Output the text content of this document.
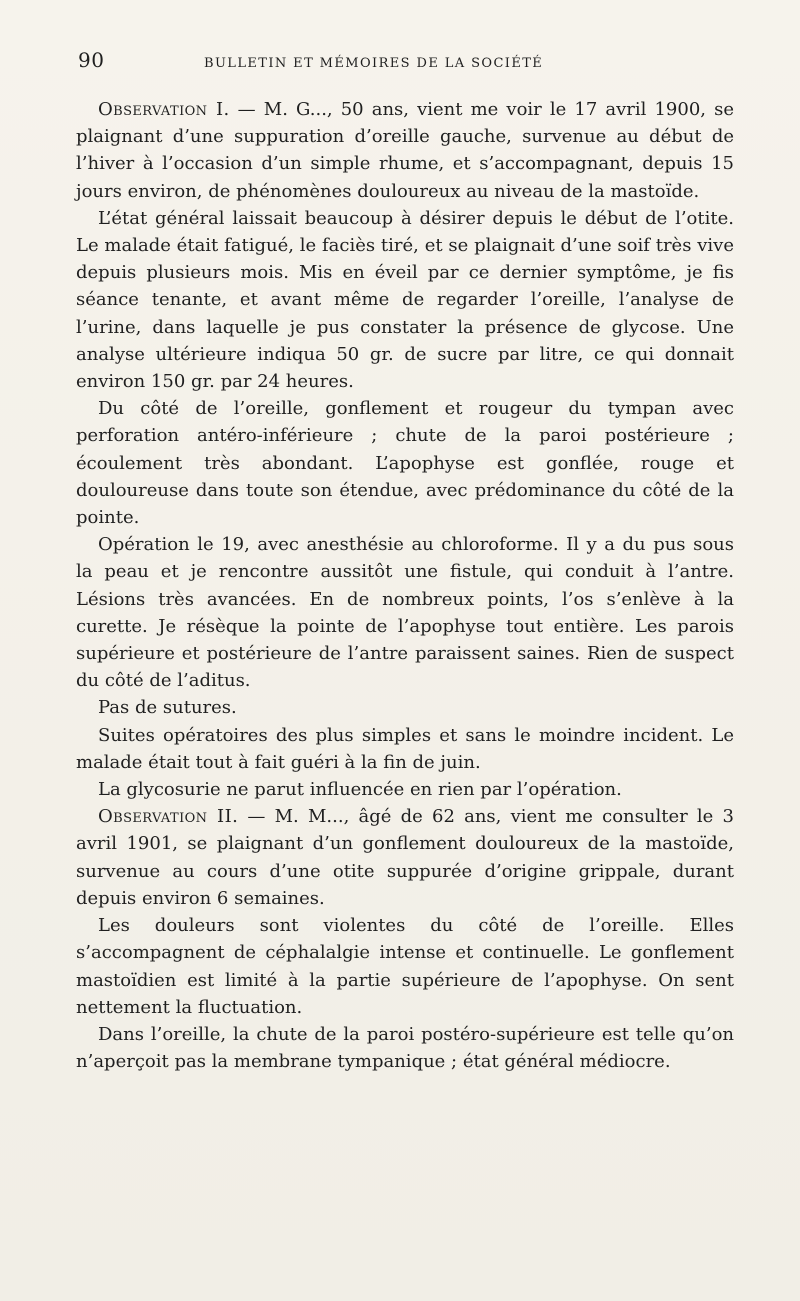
90	BULLETIN ET MÉMOIRES DE LA SOCIÉTÉ

Observation I. — M. G..., 50 ans, vient me voir le 17 avril 1900, se plaignant d’une suppuration d’oreille gauche, survenue au début de l’hiver à l’occasion d’un simple rhume, et s’accompagnant, depuis 15 jours environ, de phénomènes douloureux au niveau de la mastoïde.

L’état général laissait beaucoup à désirer depuis le début de l’otite. Le malade était fatigué, le faciès tiré, et se plaignait d’une soif très vive depuis plusieurs mois. Mis en éveil par ce dernier symptôme, je fis séance tenante, et avant même de regarder l’oreille, l’analyse de l’urine, dans laquelle je pus constater la présence de glycose. Une analyse ultérieure indiqua 50 gr. de sucre par litre, ce qui donnait environ 150 gr. par 24 heures.

Du côté de l’oreille, gonflement et rougeur du tympan avec perforation antéro-inférieure ; chute de la paroi postérieure ; écoulement très abondant. L’apophyse est gonflée, rouge et douloureuse dans toute son étendue, avec prédominance du côté de la pointe.

Opération le 19, avec anesthésie au chloroforme. Il y a du pus sous la peau et je rencontre aussitôt une fistule, qui conduit à l’antre. Lésions très avancées. En de nombreux points, l’os s’enlève à la curette. Je résèque la pointe de l’apophyse tout entière. Les parois supérieure et postérieure de l’antre paraissent saines. Rien de suspect du côté de l’aditus.

Pas de sutures.

Suites opératoires des plus simples et sans le moindre incident. Le malade était tout à fait guéri à la fin de juin.

La glycosurie ne parut influencée en rien par l’opération.

Observation II. — M. M..., âgé de 62 ans, vient me consulter le 3 avril 1901, se plaignant d’un gonflement douloureux de la mastoïde, survenue au cours d’une otite suppurée d’origine grippale, durant depuis environ 6 semaines.

Les douleurs sont violentes du côté de l’oreille. Elles s’accompagnent de céphalalgie intense et continuelle. Le gonflement mastoïdien est limité à la partie supérieure de l’apophyse. On sent nettement la fluctuation.

Dans l’oreille, la chute de la paroi postéro-supérieure est telle qu’on n’aperçoit pas la membrane tympanique ; état général médiocre.
